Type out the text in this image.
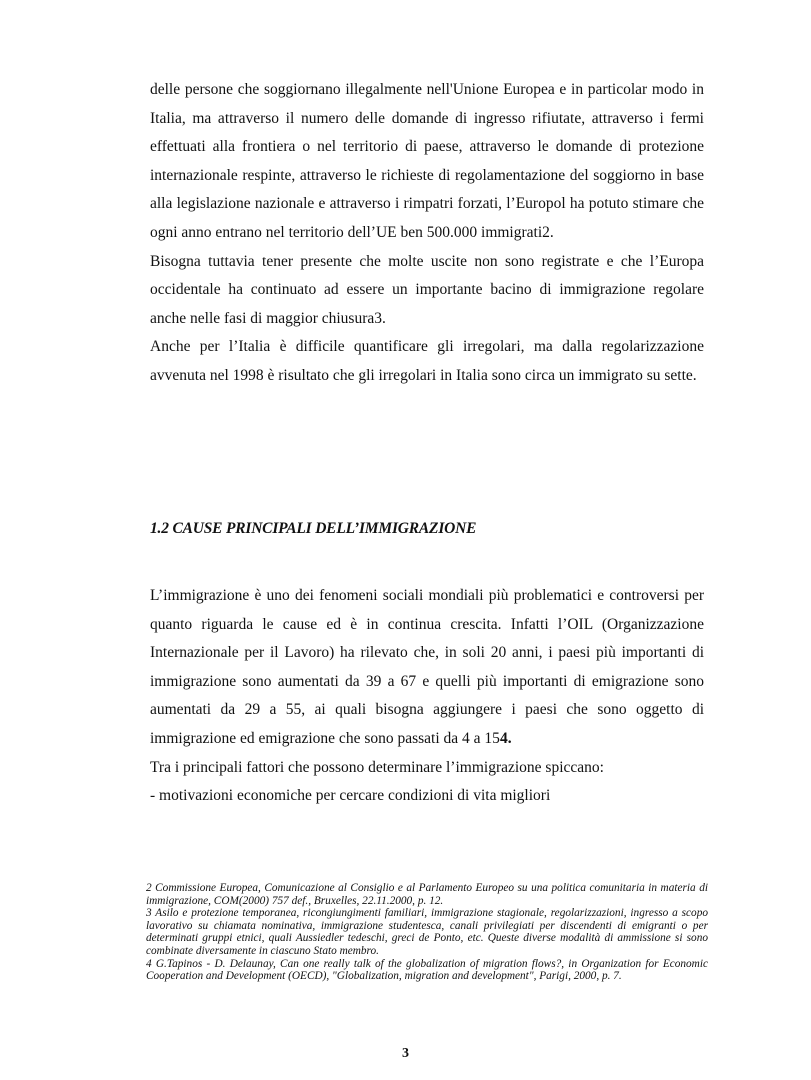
delle persone che soggiornano illegalmente nell'Unione Europea e in particolar modo in Italia, ma attraverso il numero delle domande di ingresso rifiutate, attraverso i fermi effettuati alla frontiera o nel territorio di paese, attraverso le domande di protezione internazionale respinte, attraverso le richieste di regolamentazione del soggiorno in base alla legislazione nazionale e attraverso i rimpatri forzati, l’Europol ha potuto stimare che ogni anno entrano nel territorio dell’UE ben 500.000 immigrati2.

Bisogna tuttavia tener presente che molte uscite non sono registrate e che l’Europa occidentale ha continuato ad essere un importante bacino di immigrazione regolare anche nelle fasi di maggior chiusura3.

Anche per l’Italia è difficile quantificare gli irregolari, ma dalla regolarizzazione avvenuta nel 1998 è risultato che gli irregolari in Italia sono circa un immigrato su sette.

1.2 CAUSE PRINCIPALI DELL’IMMIGRAZIONE

L’immigrazione è uno dei fenomeni sociali mondiali più problematici e controversi per quanto riguarda le cause ed è in continua crescita. Infatti l’OIL (Organizzazione Internazionale per il Lavoro) ha rilevato che, in soli 20 anni, i paesi più importanti di immigrazione sono aumentati da 39 a 67 e quelli più importanti di emigrazione sono aumentati da 29 a 55, ai quali bisogna aggiungere i paesi che sono oggetto di immigrazione ed emigrazione che sono passati da 4 a 154.

Tra i principali fattori che possono determinare l’immigrazione spiccano:

- motivazioni economiche per cercare condizioni di vita migliori

2 Commissione Europea, Comunicazione al Consiglio e al Parlamento Europeo su una politica comunitaria in materia di immigrazione, COM(2000) 757 def., Bruxelles, 22.11.2000, p. 12.

3 Asilo e protezione temporanea, ricongiungimenti familiari, immigrazione stagionale, regolarizzazioni, ingresso a scopo lavorativo su chiamata nominativa, immigrazione studentesca, canali privilegiati per discendenti di emigranti o per determinati gruppi etnici, quali Aussiedler tedeschi, greci de Ponto, etc. Queste diverse modalità di ammissione si sono combinate diversamente in ciascuno Stato membro.

4 G.Tapinos - D. Delaunay, Can one really talk of the globalization of migration flows?, in Organization for Economic Cooperation and Development (OECD), "Globalization, migration and development", Parigi, 2000, p. 7.

3
